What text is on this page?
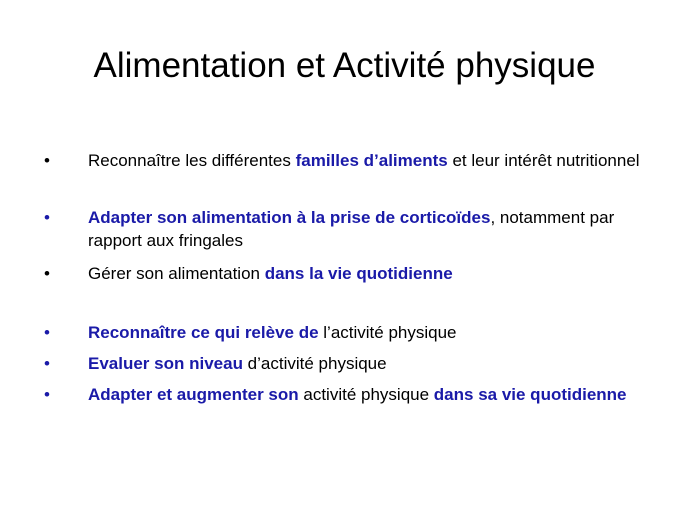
Alimentation et Activité physique
• Reconnaître les différentes familles d’aliments et leur intérêt nutritionnel
• Adapter son alimentation à la prise de corticoïdes, notamment par rapport aux fringales
• Gérer son alimentation dans la vie quotidienne
• Reconnaître ce qui relève de l’activité physique
• Evaluer son niveau d’activité physique
• Adapter et augmenter son activité physique dans sa vie quotidienne
